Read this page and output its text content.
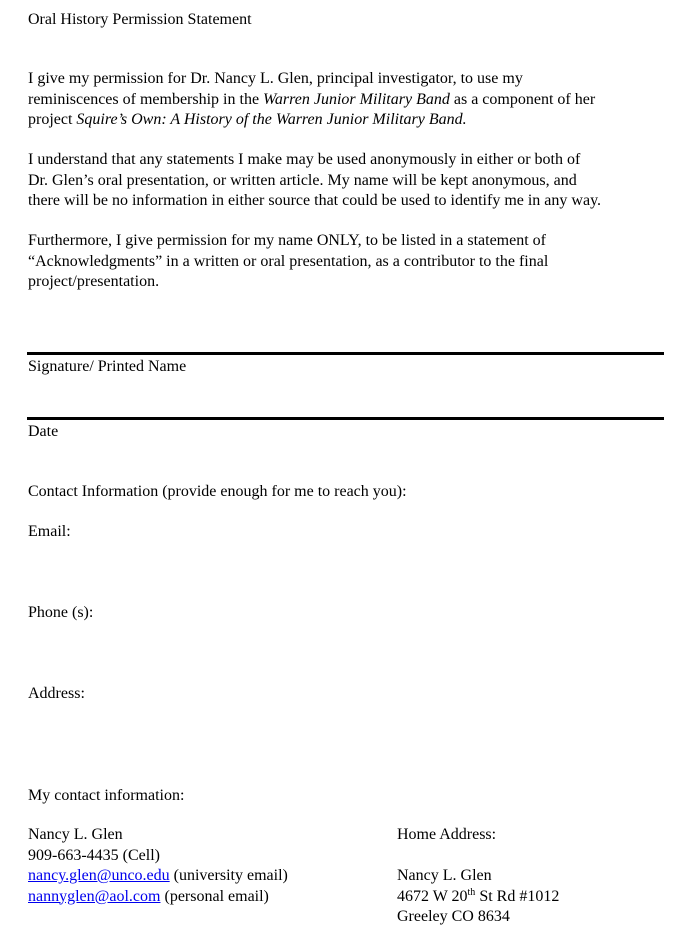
Oral History Permission Statement

I give my permission for Dr. Nancy L. Glen, principal investigator, to use my

reminiscences of membership in the Warren Junior Military Band as a component of her

project Squire’s Own: A History of the Warren Junior Military Band.

I understand that any statements I make may be used anonymously in either or both of

Dr. Glen’s oral presentation, or written article. My name will be kept anonymous, and

there will be no information in either source that could be used to identify me in any way.

Furthermore, I give permission for my name ONLY, to be listed in a statement of

“Acknowledgments” in a written or oral presentation, as a contributor to the final

project/presentation.

Signature/ Printed Name
Date
Contact Information (provide enough for me to reach you):
Email:
Phone (s):
Address:
My contact information:
Nancy L. Glen
909-663-4435 (Cell)
nancy.glen@unco.edu (university email)
nannyglen@aol.com (personal email)
Home Address:
Nancy L. Glen
4672 W 20th St Rd #1012
Greeley CO 8634
